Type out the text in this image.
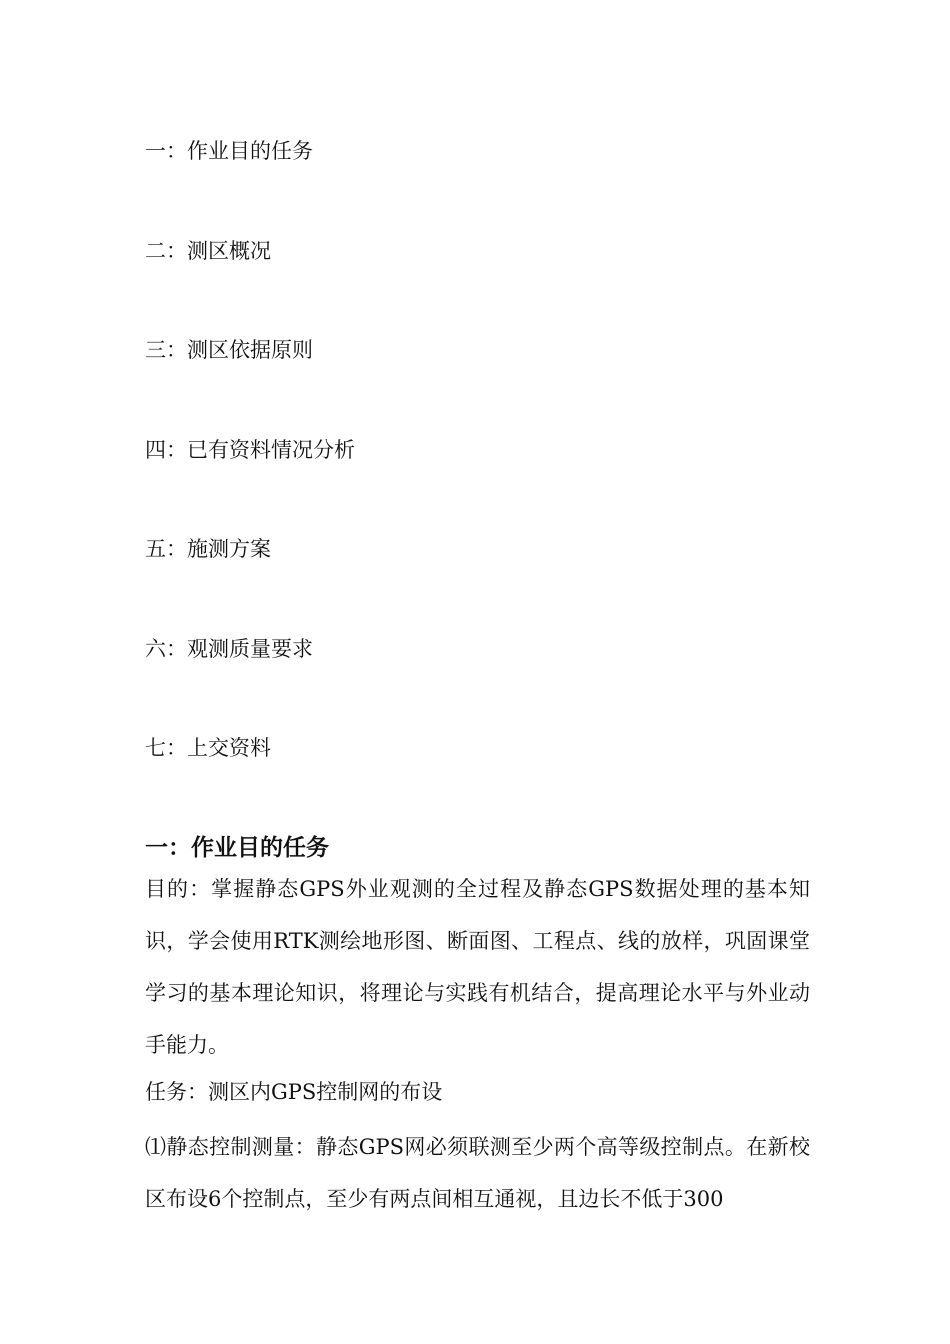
一：作业目的任务
二：测区概况
三：测区依据原则
四：已有资料情况分析
五：施测方案
六：观测质量要求
七：上交资料
一：作业目的任务

目的：掌握静态GPS外业观测的全过程及静态GPS数据处理的基本知识，学会使用RTK测绘地形图、断面图、工程点、线的放样，巩固课堂学习的基本理论知识，将理论与实践有机结合，提高理论水平与外业动手能力。

任务：测区内GPS控制网的布设

⑴静态控制测量：静态GPS网必须联测至少两个高等级控制点。在新校区布设6个控制点，至少有两点间相互通视，且边长不低于300
